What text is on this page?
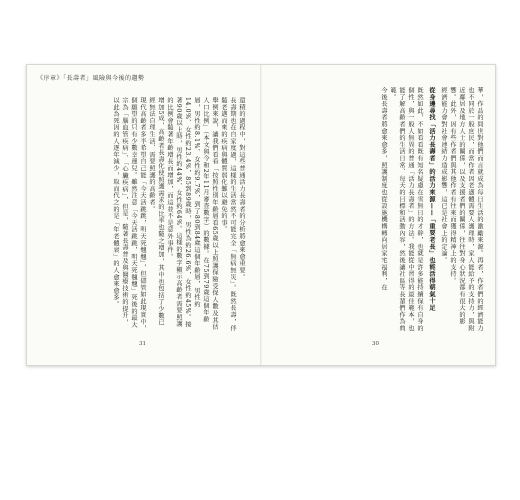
《序章》「長壽者」風險與今後的趨勢

還積的過程中，對這些普通活力長壽者的分析將愈來愈重要。

長壽期也在自家度過，這樣的生活當然不可能完全「無病無災」。既然長壽，伴隨老邁而來的疾病與體質弱化難以避免的事。

舉例來說，讓我們看看「按照性別年齡層看65歲以上照護保險受保人數及其估人口比例」（本文與令和2年11月審查數字）的數據。在75到79歲這個年齡層，男性約8.1%、女性約9.7%，到了80到84歲這個年齡層，男性約14.0%、女性約23.4%，85到89歲時，男性為約26.6%，女性約45%。接著90歲以上時，男性約44%、女性約64%。這樣的數字顯示高齡者需要照護的比例會隨著年齡增長而增加，而這並不是意外事件。

增加5成，高齡者長壽化使照護需求的比率也隨之增加，其中也包括了少數已經無法自理生活、需要照護的高齡者。

現代高齡者多半希望自己能「今天活跳跳，明天死翹翹」，但儘管如此現實中，個願望的只有少數幸運兒。雖然注意「今天活跳跳，明天死翹翹」死後的最大宗為「腦血管疾病」、「心臟疾病」，但是，隨著長壽普及與醫療技術的提升，以此為死因的人逐年減少，取而代之的是「年老體衰」的人愈來愈多。

31

華，作品的問世對他們而言就成為每日生活的激勵來源。再者，作者們的經濟能力也不同於一般庶民，而當作者因老邁體需要人護理時，家人能給予的支持力，與附近鄰居及地方人士的關係，以及支援者們的關係，往往對身心狀況都有很大的影響。此外，因有些作者們與其他作者有往來而獲得精神上的支持。

經濟能力會對社會連結力造成影響，這已是社會上的定論。

從身邊尋找「活力長壽者」的活力來源——「重要老長」也能活得朝氣十足

既然如此，不如看看既有知名疑慮在雪無日的才幹，也就是許多能持續保有自身的個性，與一般人無異的普通「活力長壽者」的方法。我能從中習得的最佳範本，也能了解高齡者們的生活日常、每天的目標和活動內容，然後讓社區等長輩們作為典範。

今後長壽者將愈來愈多，照護制度也從設施機構轉向居家宅福利，在

30
